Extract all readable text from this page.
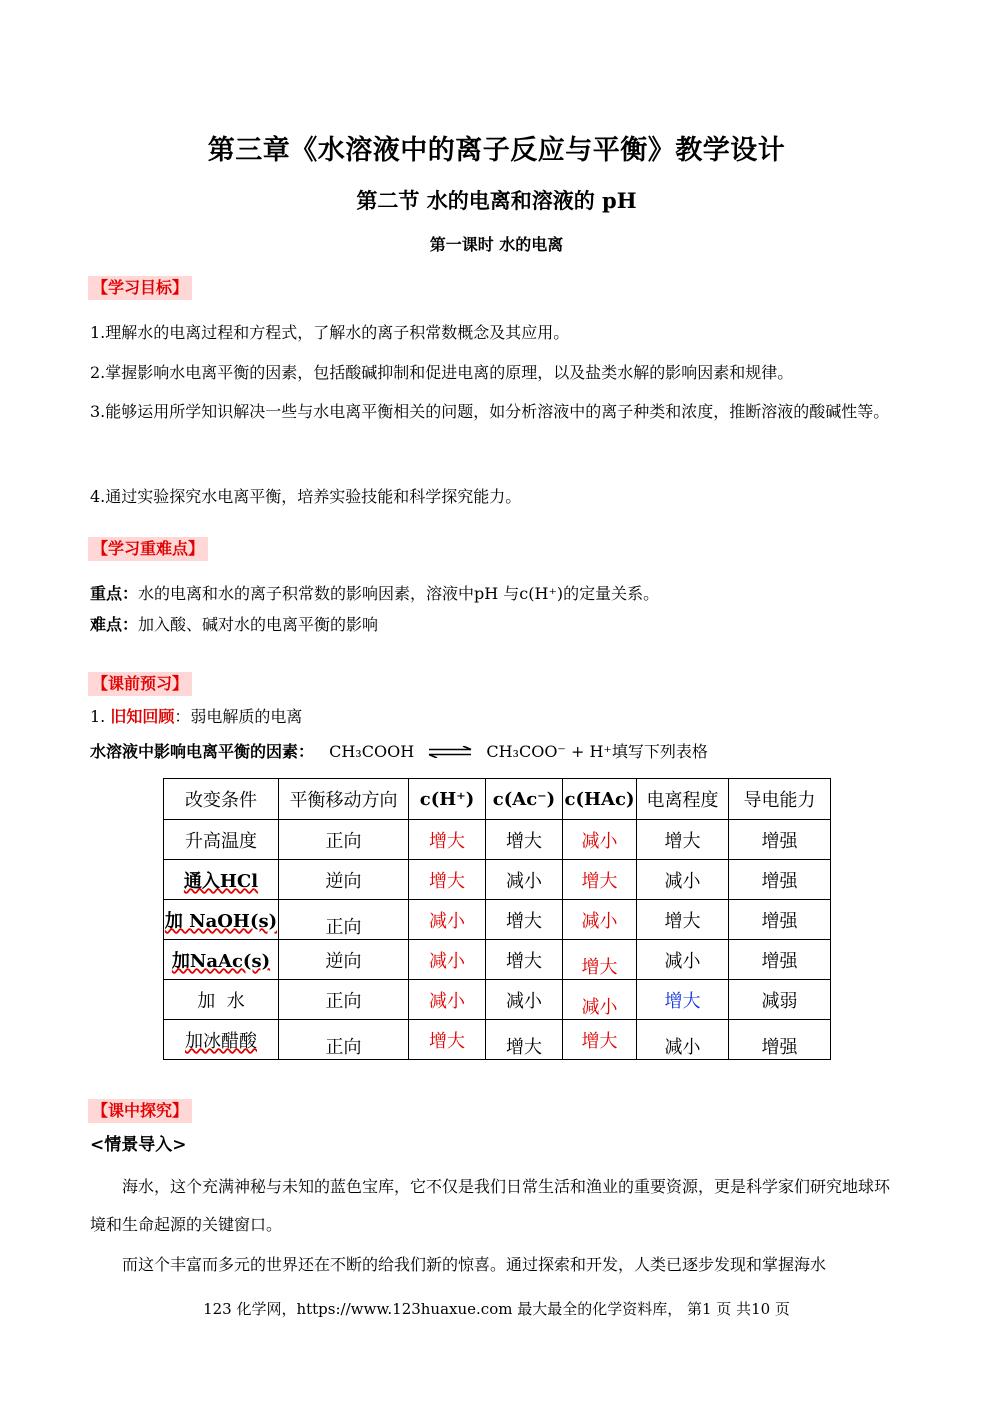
第三章《水溶液中的离子反应与平衡》教学设计
第二节 水的电离和溶液的 pH
第一课时 水的电离
【学习目标】
1.理解水的电离过程和方程式，了解水的离子积常数概念及其应用。
2.掌握影响水电离平衡的因素，包括酸碱抑制和促进电离的原理，以及盐类水解的影响因素和规律。
3.能够运用所学知识解决一些与水电离平衡相关的问题，如分析溶液中的离子种类和浓度，推断溶液的酸碱性等。
4.通过实验探究水电离平衡，培养实验技能和科学探究能力。
【学习重难点】
重点：水的电离和水的离子积常数的影响因素，溶液中pH 与c(H⁺)的定量关系。
难点：加入酸、碱对水的电离平衡的影响
【课前预习】
1. 旧知回顾：弱电解质的电离
水溶液中影响电离平衡的因素： CH₃COOH ⇌ CH₃COO⁻ + H⁺填写下列表格
改变条件	平衡移动方向	c(H⁺)	c(Ac⁻)	c(HAc)	电离程度	导电能力
升高温度	正向	增大	增大	减小	增大	增强
通入HCl	逆向	增大	减小	增大	减小	增强
加 NaOH(s)	正向	减小	增大	减小	增大	增强
加NaAc(s)	逆向	减小	增大	增大	减小	增强
加  水	正向	减小	减小	减小	增大	减弱
加冰醋酸	正向	增大	增大	增大	减小	增强
【课中探究】
<情景导入>
海水，这个充满神秘与未知的蓝色宝库，它不仅是我们日常生活和渔业的重要资源，更是科学家们研究地球环境和生命起源的关键窗口。
而这个丰富而多元的世界还在不断的给我们新的惊喜。通过探索和开发，人类已逐步发现和掌握海水
123 化学网，https://www.123huaxue.com 最大最全的化学资料库， 第1 页 共10 页
